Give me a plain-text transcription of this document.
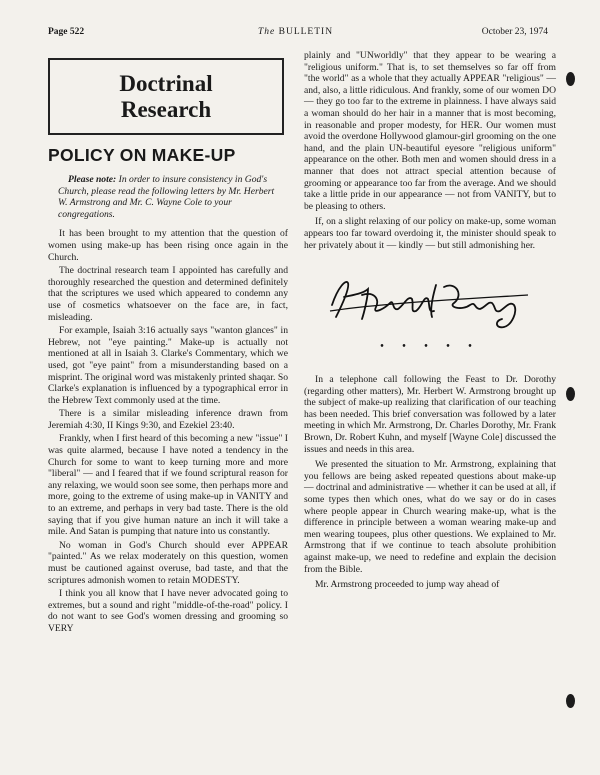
Page 522	The BULLETIN	October 23, 1974
Doctrinal
Research
POLICY ON MAKE-UP

Please note: In order to insure consistency in God's Church, please read the following letters by Mr. Herbert W. Armstrong and Mr. C. Wayne Cole to your congregations.

It has been brought to my attention that the question of women using make-up has been rising once again in the Church.

The doctrinal research team I appointed has carefully and thoroughly researched the question and determined definitely that the scriptures we used which appeared to condemn any use of cosmetics whatsoever on the face are, in fact, misleading.

For example, Isaiah 3:16 actually says "wanton glances" in Hebrew, not "eye painting." Make-up is actually not mentioned at all in Isaiah 3. Clarke's Commentary, which we used, got "eye paint" from a misunderstanding based on a misprint. The original word was mistakenly printed shaqar. So Clarke's explanation is influenced by a typographical error in the Hebrew Text commonly used at the time.

There is a similar misleading inference drawn from Jeremiah 4:30, II Kings 9:30, and Ezekiel 23:40.

Frankly, when I first heard of this becoming a new "issue" I was quite alarmed, because I have noted a tendency in the Church for some to want to keep turning more and more "liberal" — and I feared that if we found scriptural reason for any relaxing, we would soon see some, then perhaps more and more, going to the extreme of using make-up in VANITY and to an extreme, and perhaps in very bad taste. There is the old saying that if you give human nature an inch it will take a mile. And Satan is pumping that nature into us constantly.

No woman in God's Church should ever APPEAR "painted." As we relax moderately on this question, women must be cautioned against overuse, bad taste, and that the scriptures admonish women to retain MODESTY.

I think you all know that I have never advocated going to extremes, but a sound and right "middle-of-the-road" policy. I do not want to see God's women dressing and grooming so VERY

plainly and "UNworldly" that they appear to be wearing a "religious uniform." That is, to set themselves so far off from "the world" as a whole that they actually APPEAR "religious" — and, also, a little ridiculous. And frankly, some of our women DO — they go too far to the extreme in plainness. I have always said a woman should do her hair in a manner that is most becoming, in reasonable and proper modesty, for HER. Our women must avoid the overdone Hollywood glamour-girl grooming on the one hand, and the plain UN-beautiful eyesore "religious uniform" appearance on the other. Both men and women should dress in a manner that does not attract special attention because of grooming or appearance too far from the average. And we should take a little pride in our appearance — not from VANITY, but to be pleasing to others.

If, on a slight relaxing of our policy on make-up, some woman appears too far toward overdoing it, the minister should speak to her privately about it — kindly — but still admonishing her.

• • • • •

In a telephone call following the Feast to Dr. Dorothy (regarding other matters), Mr. Herbert W. Armstrong brought up the subject of make-up realizing that clarification of our teaching has been needed. This brief conversation was followed by a later meeting in which Mr. Armstrong, Dr. Charles Dorothy, Mr. Frank Brown, Dr. Robert Kuhn, and myself [Wayne Cole] discussed the issues and needs in this area.

We presented the situation to Mr. Armstrong, explaining that you fellows are being asked repeated questions about make-up — doctrinal and administrative — whether it can be used at all, if some types then which ones, what do we say or do in cases where people appear in Church wearing make-up, what is the difference in principle between a woman wearing make-up and men wearing toupees, plus other questions. We explained to Mr. Armstrong that if we continue to teach absolute prohibition against make-up, we need to redefine and explain the decision from the Bible.

Mr. Armstrong proceeded to jump way ahead of
